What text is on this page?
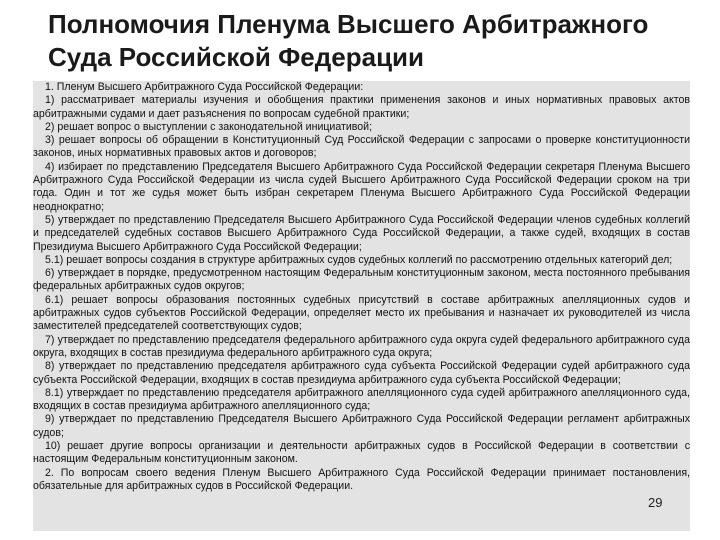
Полномочия Пленума Высшего Арбитражного Суда Российской Федерации

1. Пленум Высшего Арбитражного Суда Российской Федерации:

1) рассматривает материалы изучения и обобщения практики применения законов и иных нормативных правовых актов арбитражными судами и дает разъяснения по вопросам судебной практики;

2) решает вопрос о выступлении с законодательной инициативой;

3) решает вопросы об обращении в Конституционный Суд Российской Федерации с запросами о проверке конституционности законов, иных нормативных правовых актов и договоров;

4) избирает по представлению Председателя Высшего Арбитражного Суда Российской Федерации секретаря Пленума Высшего Арбитражного Суда Российской Федерации из числа судей Высшего Арбитражного Суда Российской Федерации сроком на три года. Один и тот же судья может быть избран секретарем Пленума Высшего Арбитражного Суда Российской Федерации неоднократно;

5) утверждает по представлению Председателя Высшего Арбитражного Суда Российской Федерации членов судебных коллегий и председателей судебных составов Высшего Арбитражного Суда Российской Федерации, а также судей, входящих в состав Президиума Высшего Арбитражного Суда Российской Федерации;

5.1) решает вопросы создания в структуре арбитражных судов судебных коллегий по рассмотрению отдельных категорий дел;

6) утверждает в порядке, предусмотренном настоящим Федеральным конституционным законом, места постоянного пребывания федеральных арбитражных судов округов;

6.1) решает вопросы образования постоянных судебных присутствий в составе арбитражных апелляционных судов и арбитражных судов субъектов Российской Федерации, определяет место их пребывания и назначает их руководителей из числа заместителей председателей соответствующих судов;

7) утверждает по представлению председателя федерального арбитражного суда округа судей федерального арбитражного суда округа, входящих в состав президиума федерального арбитражного суда округа;

8) утверждает по представлению председателя арбитражного суда субъекта Российской Федерации судей арбитражного суда субъекта Российской Федерации, входящих в состав президиума арбитражного суда субъекта Российской Федерации;

8.1) утверждает по представлению председателя арбитражного апелляционного суда судей арбитражного апелляционного суда, входящих в состав президиума арбитражного апелляционного суда;

9) утверждает по представлению Председателя Высшего Арбитражного Суда Российской Федерации регламент арбитражных судов;

10) решает другие вопросы организации и деятельности арбитражных судов в Российской Федерации в соответствии с настоящим Федеральным конституционным законом.

2. По вопросам своего ведения Пленум Высшего Арбитражного Суда Российской Федерации принимает постановления, обязательные для арбитражных судов в Российской Федерации.

29
